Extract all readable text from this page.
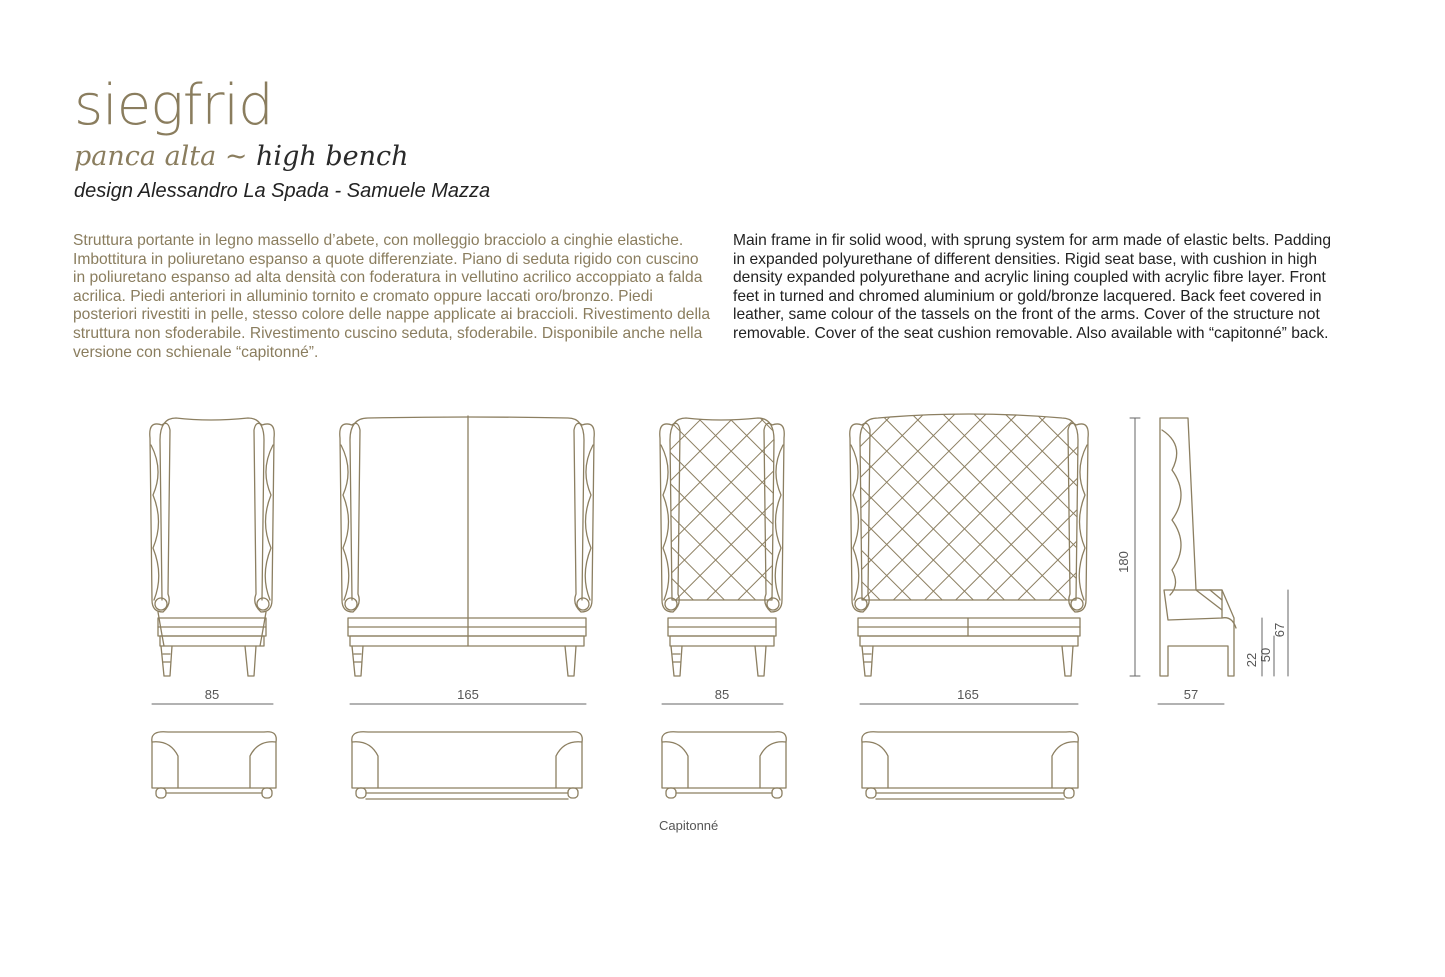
siegfrid
panca alta ~ high bench
design Alessandro La Spada - Samuele Mazza

Struttura portante in legno massello d’abete, con molleggio bracciolo a cinghie elastiche. Imbottitura in poliuretano espanso a quote differenziate. Piano di seduta rigido con cuscino in poliuretano espanso ad alta densità con foderatura in vellutino acrilico accoppiato a falda acrilica. Piedi anteriori in alluminio tornito e cromato oppure laccati oro/bronzo. Piedi posteriori rivestiti in pelle, stesso colore delle nappe applicate ai braccioli. Rivestimento della struttura non sfoderabile. Rivestimento cuscino seduta, sfoderabile. Disponibile anche nella versione con schienale “capitonné”.

Main frame in fir solid wood, with sprung system for arm made of elastic belts. Padding in expanded polyurethane of different densities. Rigid seat base, with cushion in high density expanded polyurethane and acrylic lining coupled with acrylic fibre layer. Front feet in turned and chromed aluminium or gold/bronze lacquered. Back feet covered in leather, same colour of the tassels on the front of the arms. Cover of the structure not removable. Cover of the seat cushion removable. Also available with “capitonné” back.

85	165	85	165	57
180
22 50
67
Capitonné
